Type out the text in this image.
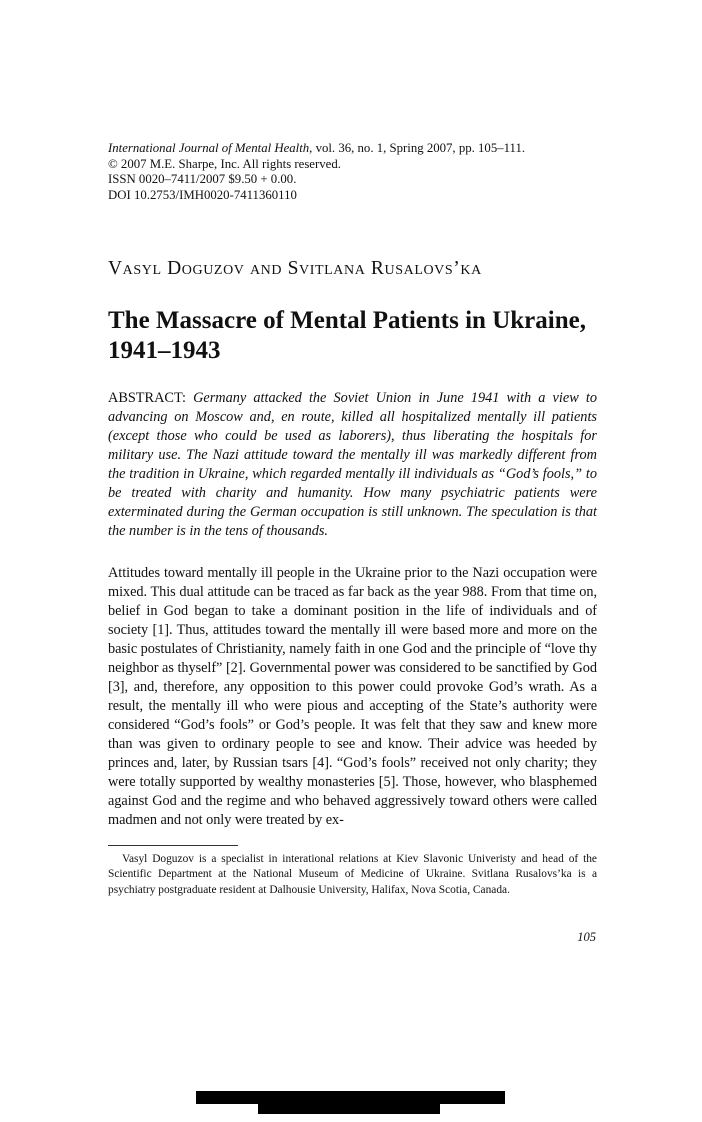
International Journal of Mental Health, vol. 36, no. 1, Spring 2007, pp. 105–111.
© 2007 M.E. Sharpe, Inc. All rights reserved.
ISSN 0020–7411/2007 $9.50 + 0.00.
DOI 10.2753/IMH0020-7411360110
Vasyl Doguzov and Svitlana Rusalovs’ka
The Massacre of Mental Patients in Ukraine, 1941–1943

ABSTRACT: Germany attacked the Soviet Union in June 1941 with a view to advancing on Moscow and, en route, killed all hospitalized mentally ill patients (except those who could be used as laborers), thus liberating the hospitals for military use. The Nazi attitude toward the mentally ill was markedly different from the tradition in Ukraine, which regarded mentally ill individuals as “God’s fools,” to be treated with charity and humanity. How many psychiatric patients were exterminated during the German occupation is still unknown. The speculation is that the number is in the tens of thousands.

Attitudes toward mentally ill people in the Ukraine prior to the Nazi occupation were mixed. This dual attitude can be traced as far back as the year 988. From that time on, belief in God began to take a dominant position in the life of individuals and of society [1]. Thus, attitudes toward the mentally ill were based more and more on the basic postulates of Christianity, namely faith in one God and the principle of “love thy neighbor as thyself” [2]. Governmental power was considered to be sanctified by God [3], and, therefore, any opposition to this power could provoke God’s wrath. As a result, the mentally ill who were pious and accepting of the State’s authority were considered “God’s fools” or God’s people. It was felt that they saw and knew more than was given to ordinary people to see and know. Their advice was heeded by princes and, later, by Russian tsars [4]. “God’s fools” received not only charity; they were totally supported by wealthy monasteries [5]. Those, however, who blasphemed against God and the regime and who behaved aggressively toward others were called madmen and not only were treated by ex-

Vasyl Doguzov is a specialist in interational relations at Kiev Slavonic Univeristy and head of the Scientific Department at the National Museum of Medicine of Ukraine. Svitlana Rusalovs’ka is a psychiatry postgraduate resident at Dalhousie University, Halifax, Nova Scotia, Canada.

105
